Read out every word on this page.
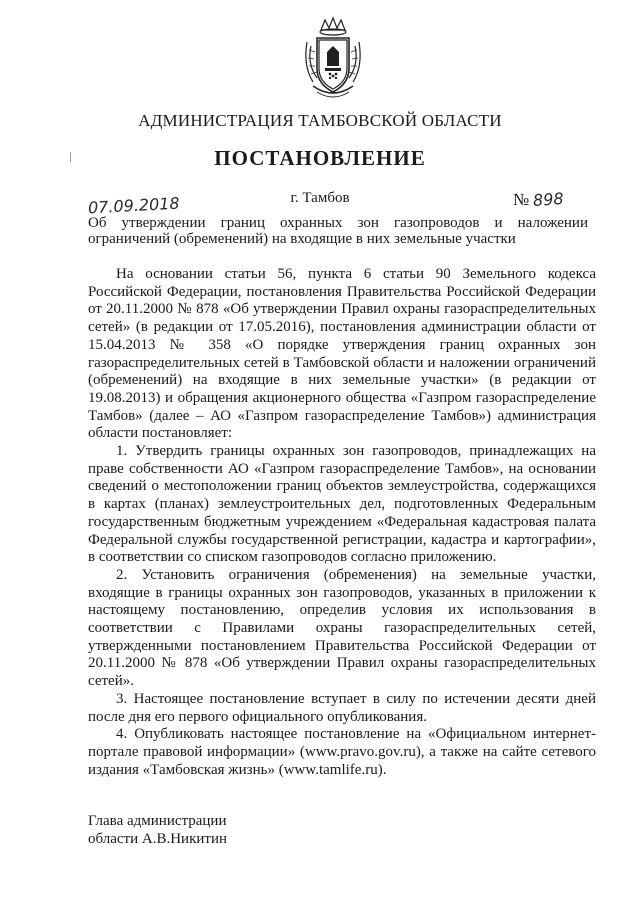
АДМИНИСТРАЦИЯ ТАМБОВСКОЙ ОБЛАСТИ
ПОСТАНОВЛЕНИЕ
07.09.2018	г. Тамбов	№ 898
Об утверждении границ охранных зон газопроводов и наложении ограничений (обременений) на входящие в них земельные участки

На основании статьи 56, пункта 6 статьи 90 Земельного кодекса Российской Федерации, постановления Правительства Российской Федерации от 20.11.2000 № 878 «Об утверждении Правил охраны газораспределительных сетей» (в редакции от 17.05.2016), постановления администрации области от 15.04.2013 № 358 «О порядке утверждения границ охранных зон газораспределительных сетей в Тамбовской области и наложении ограничений (обременений) на входящие в них земельные участки» (в редакции от 19.08.2013) и обращения акционерного общества «Газпром газораспределение Тамбов» (далее – АО «Газпром газораспределение Тамбов») администрация области постановляет:

1. Утвердить границы охранных зон газопроводов, принадлежащих на праве собственности АО «Газпром газораспределение Тамбов», на основании сведений о местоположении границ объектов землеустройства, содержащихся в картах (планах) землеустроительных дел, подготовленных Федеральным государственным бюджетным учреждением «Федеральная кадастровая палата Федеральной службы государственной регистрации, кадастра и картографии», в соответствии со списком газопроводов согласно приложению.

2. Установить ограничения (обременения) на земельные участки, входящие в границы охранных зон газопроводов, указанных в приложении к настоящему постановлению, определив условия их использования в соответствии с Правилами охраны газораспределительных сетей, утвержденными постановлением Правительства Российской Федерации от 20.11.2000 № 878 «Об утверждении Правил охраны газораспределительных сетей».

3. Настоящее постановление вступает в силу по истечении десяти дней после дня его первого официального опубликования.

4. Опубликовать настоящее постановление на «Официальном интернет-портале правовой информации» (www.pravo.gov.ru), а также на сайте сетевого издания «Тамбовская жизнь» (www.tamlife.ru).

Глава администрации
области А.В.Никитин
